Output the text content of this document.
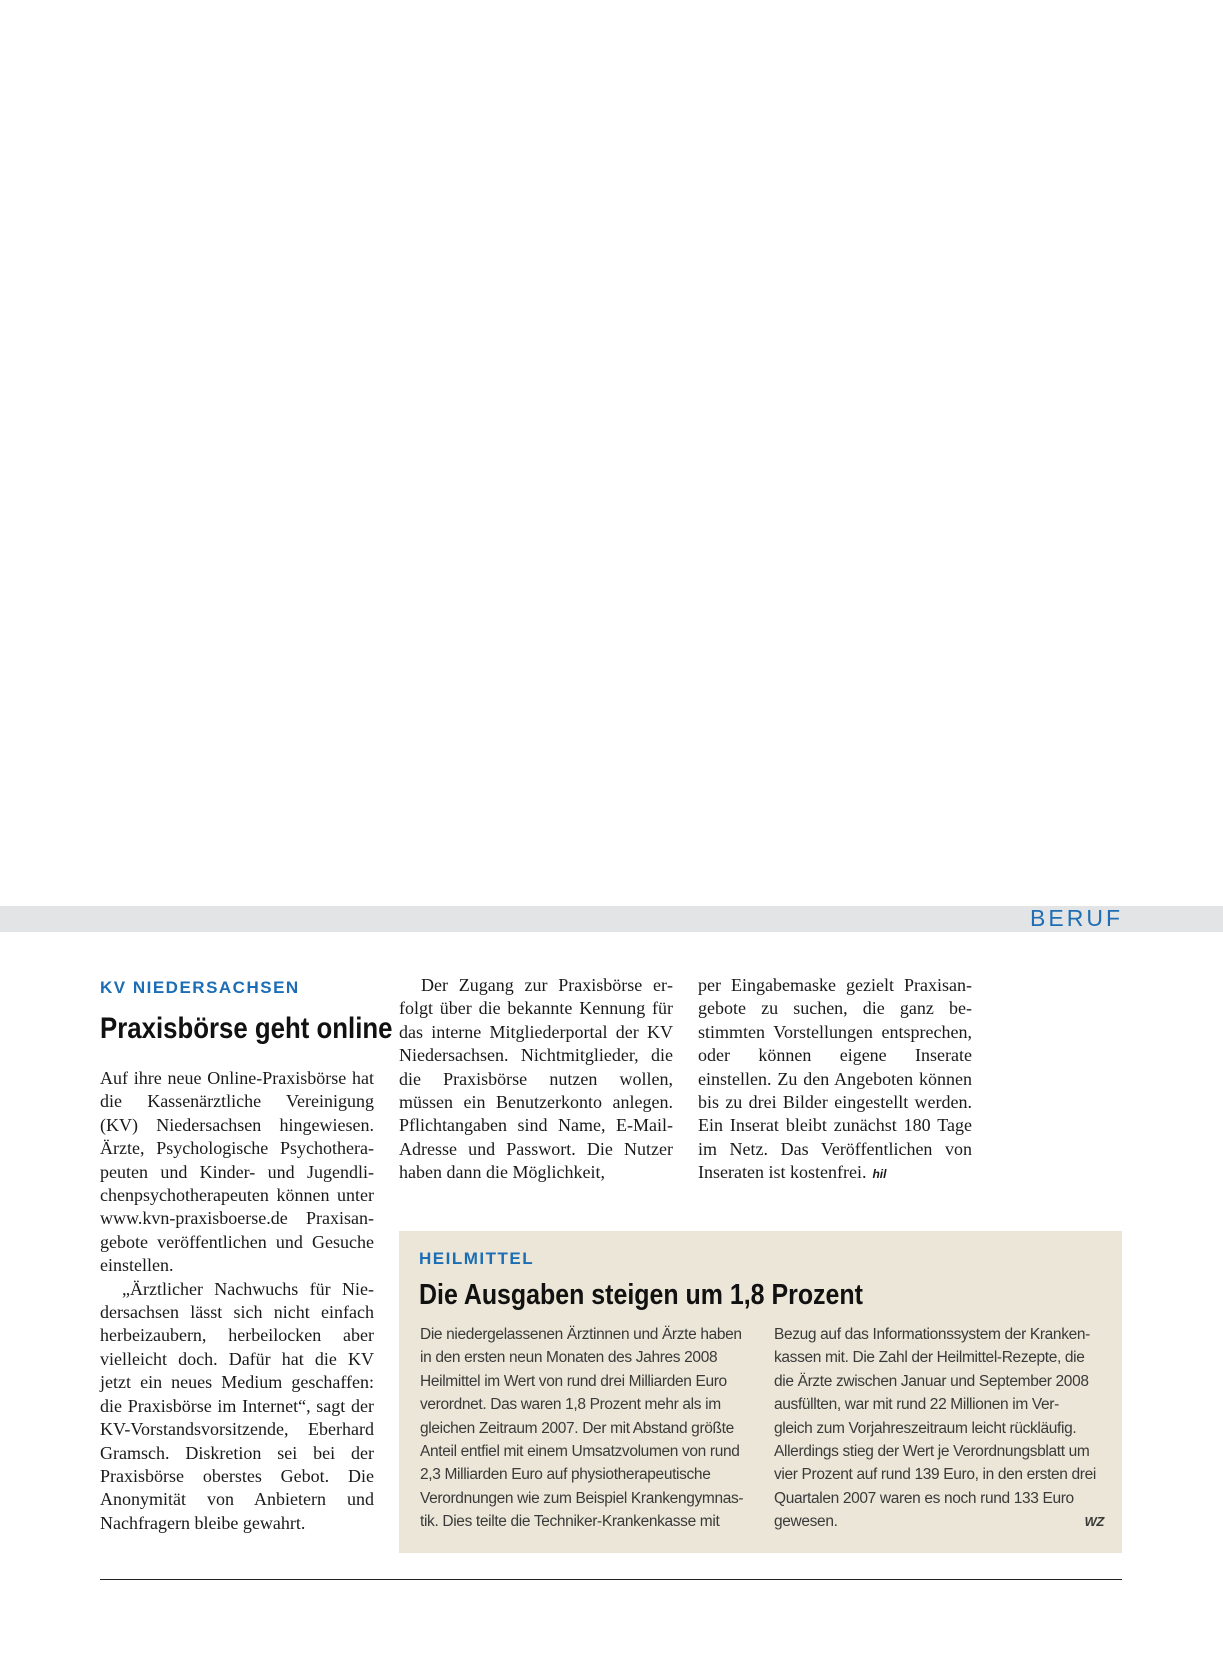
BERUF
KV NIEDERSACHSEN
Praxisbörse geht online

Auf ihre neue Online-Praxisbörse hat die Kassenärztliche Vereinigung (KV) Niedersachsen hingewiesen. Ärzte, Psychologische Psychotherapeuten und Kinder- und Jugendlichenpsychotherapeuten können unter www.kvn-praxisboerse.de Praxisangebote veröffentlichen und Gesuche einstellen.

„Ärztlicher Nachwuchs für Niedersachsen lässt sich nicht einfach herbeizaubern, herbeilocken aber vielleicht doch. Dafür hat die KV jetzt ein neues Medium geschaffen: die Praxisbörse im Internet“, sagt der KV-Vorstandsvorsitzende, Eberhard Gramsch. Diskretion sei bei der Praxisbörse oberstes Gebot. Die Anonymität von Anbietern und Nachfragern bleibe gewahrt.

Der Zugang zur Praxisbörse erfolgt über die bekannte Kennung für das interne Mitgliederportal der KV Niedersachsen. Nichtmitglieder, die die Praxisbörse nutzen wollen, müssen ein Benutzerkonto anlegen. Pflichtangaben sind Name, E-Mail-Adresse und Passwort. Die Nutzer haben dann die Möglichkeit,

per Eingabemaske gezielt Praxisangebote zu suchen, die ganz bestimmten Vorstellungen entsprechen, oder können eigene Inserate einstellen. Zu den Angeboten können bis zu drei Bilder eingestellt werden. Ein Inserat bleibt zunächst 180 Tage im Netz. Das Veröffentlichen von Inseraten ist kostenfrei. hil

HEILMITTEL
Die Ausgaben steigen um 1,8 Prozent
Die niedergelassenen Ärztinnen und Ärzte haben
in den ersten neun Monaten des Jahres 2008
Heilmittel im Wert von rund drei Milliarden Euro
verordnet. Das waren 1,8 Prozent mehr als im
gleichen Zeitraum 2007. Der mit Abstand größte
Anteil entfiel mit einem Umsatzvolumen von rund
2,3 Milliarden Euro auf physiotherapeutische
Verordnungen wie zum Beispiel Krankengymnas-
tik. Dies teilte die Techniker-Krankenkasse mit
Bezug auf das Informationssystem der Kranken-
kassen mit. Die Zahl der Heilmittel-Rezepte, die
die Ärzte zwischen Januar und September 2008
ausfüllten, war mit rund 22 Millionen im Ver-
gleich zum Vorjahreszeitraum leicht rückläufig.
Allerdings stieg der Wert je Verordnungsblatt um
vier Prozent auf rund 139 Euro, in den ersten drei
Quartalen 2007 waren es noch rund 133 Euro
gewesen.	WZ
